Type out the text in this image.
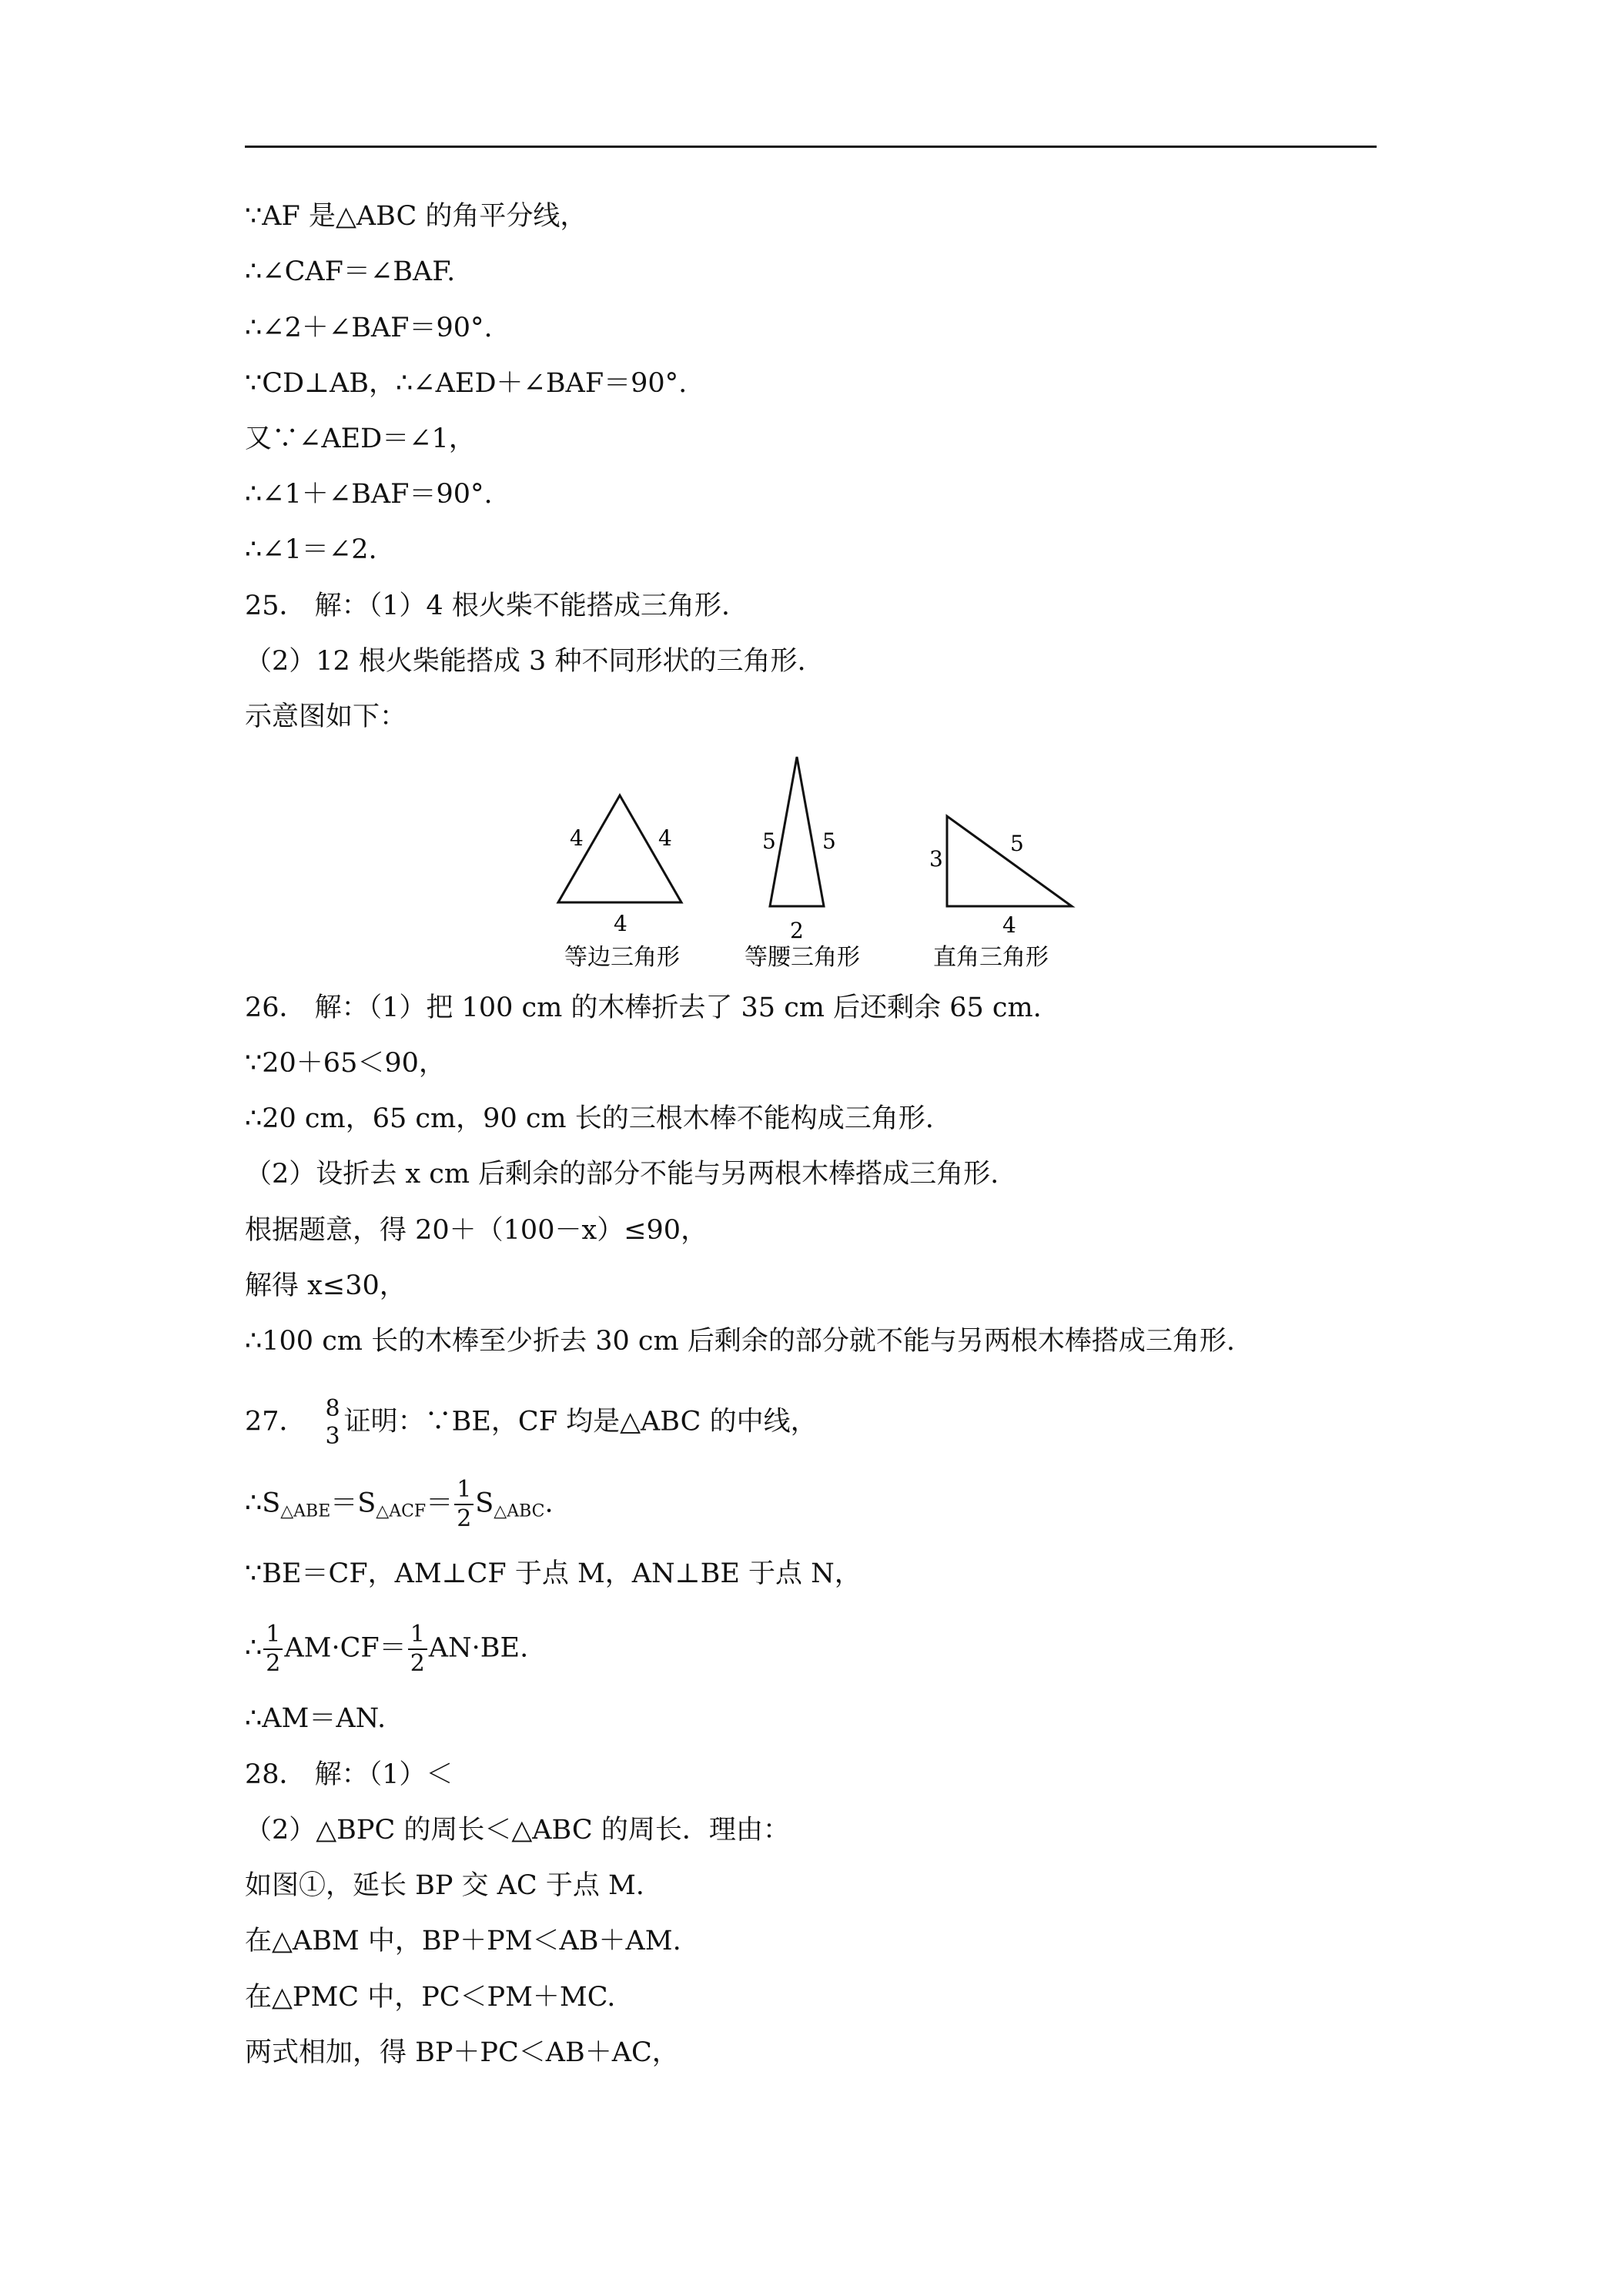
∵AF 是△ABC 的角平分线，
∴∠CAF＝∠BAF.
∴∠2＋∠BAF＝90°.
∵CD⊥AB，∴∠AED＋∠BAF＝90°.
又∵∠AED＝∠1，
∴∠1＋∠BAF＝90°.
∴∠1＝∠2.
25． 解：（1）4 根火柴不能搭成三角形.
（2）12 根火柴能搭成 3 种不同形状的三角形.
示意图如下：
4	4
4
等边三角形
5 5
2
等腰三角形
3
5
4
直角三角形
26． 解：（1）把 100 cm 的木棒折去了 35 cm 后还剩余 65 cm.
∵20＋65＜90，
∴20 cm，65 cm，90 cm 长的三根木棒不能构成三角形.
（2）设折去 x cm 后剩余的部分不能与另两根木棒搭成三角形.
根据题意，得 20＋（100－x）≤90，
解得 x≤30，
∴100 cm 长的木棒至少折去 30 cm 后剩余的部分就不能与另两根木棒搭成三角形.
27． 8
3 证明：∵BE，CF 均是△ABC 的中线，
$\therefore S_{\triangle ABE}=S_{\triangle ACF}= \frac{1}{2} S_{\triangle ABC}$.
∵BE＝CF，AM⊥CF 于点 M，AN⊥BE 于点 N，
∴ $\frac{1}{2} AM\cdot CF= \frac{1}{2} AN\cdot BE$.
∴AM＝AN.
28． 解：（1）＜
（2）△BPC 的周长＜△ABC 的周长．理由：
如图①，延长 BP 交 AC 于点 M.
在△ABM 中，BP＋PM＜AB＋AM.
在△PMC 中，PC＜PM＋MC.
两式相加，得 BP＋PC＜AB＋AC，
